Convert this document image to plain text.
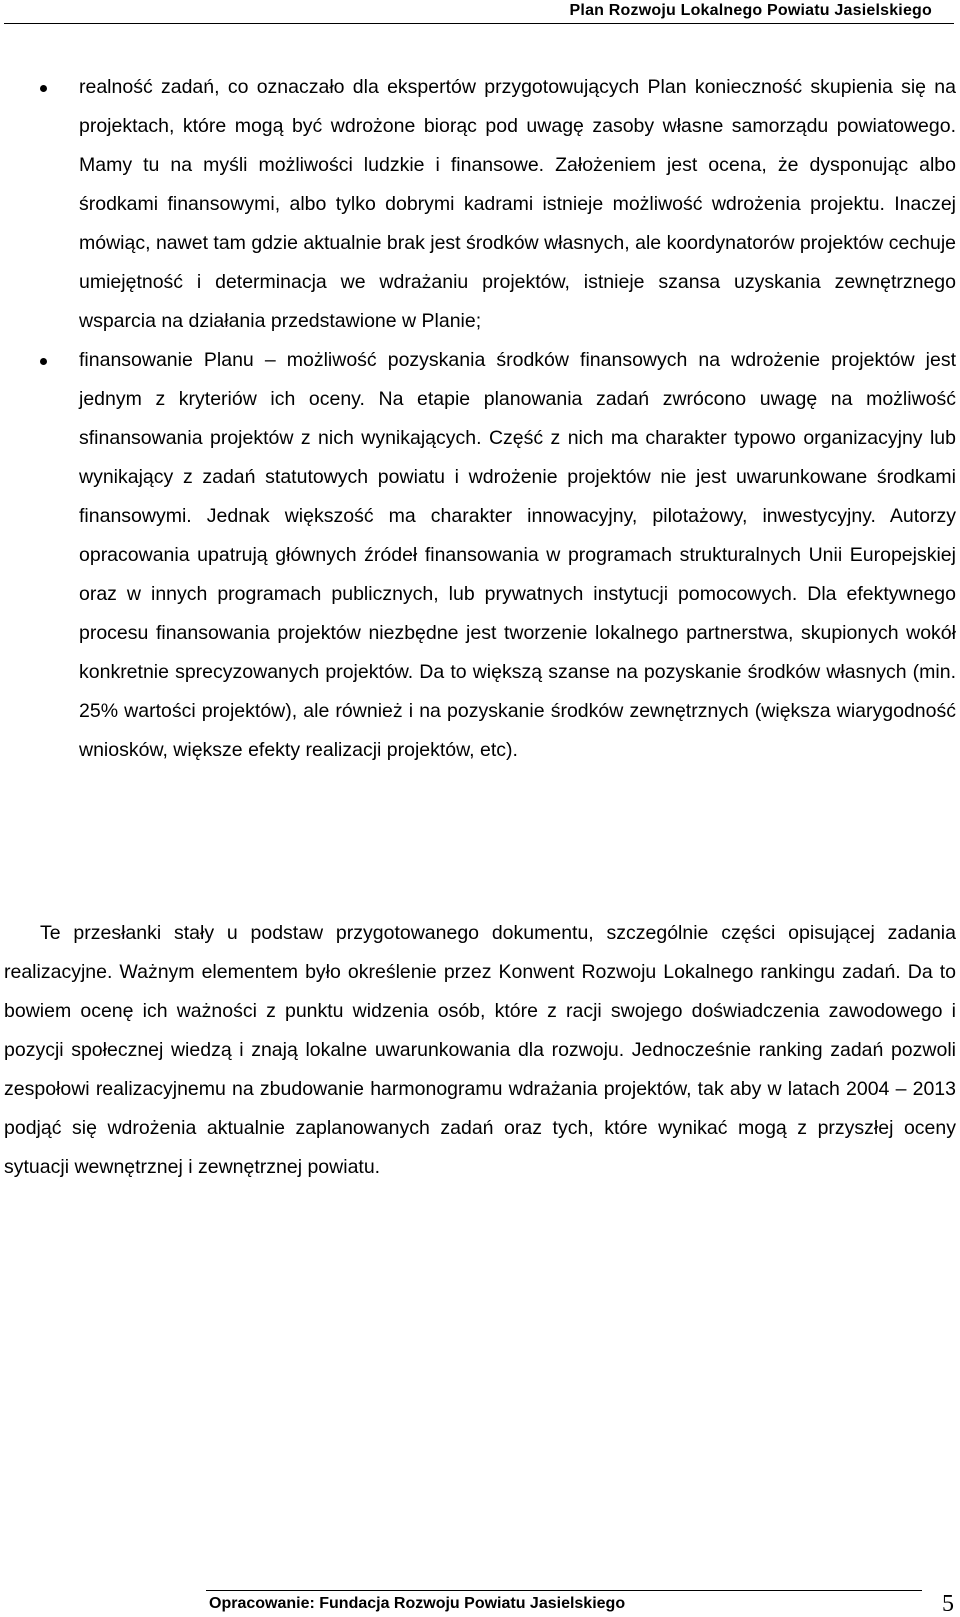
Plan Rozwoju Lokalnego Powiatu Jasielskiego
realność zadań, co oznaczało dla ekspertów przygotowujących Plan konieczność skupienia się na projektach, które mogą być wdrożone biorąc pod uwagę zasoby własne samorządu powiatowego. Mamy tu na myśli możliwości ludzkie i finansowe. Założeniem jest ocena, że dysponując albo środkami finansowymi, albo tylko dobrymi kadrami istnieje możliwość wdrożenia projektu. Inaczej mówiąc, nawet tam gdzie aktualnie brak jest środków własnych, ale koordynatorów projektów cechuje umiejętność i determinacja we wdrażaniu projektów, istnieje szansa uzyskania zewnętrznego wsparcia na działania przedstawione w Planie;
finansowanie Planu – możliwość pozyskania środków finansowych na wdrożenie projektów jest jednym z kryteriów ich oceny. Na etapie planowania zadań zwrócono uwagę na możliwość sfinansowania projektów z nich wynikających. Część z nich ma charakter typowo organizacyjny lub wynikający z zadań statutowych powiatu i wdrożenie projektów nie jest uwarunkowane środkami finansowymi. Jednak większość ma charakter innowacyjny, pilotażowy, inwestycyjny. Autorzy opracowania upatrują głównych źródeł finansowania w programach strukturalnych Unii Europejskiej oraz w innych programach publicznych, lub prywatnych instytucji pomocowych. Dla efektywnego procesu finansowania projektów niezbędne jest tworzenie lokalnego partnerstwa, skupionych wokół konkretnie sprecyzowanych projektów. Da to większą szanse na pozyskanie środków własnych (min. 25% wartości projektów), ale również i na pozyskanie środków zewnętrznych (większa wiarygodność wniosków, większe efekty realizacji projektów, etc).

Te przesłanki stały u podstaw przygotowanego dokumentu, szczególnie części opisującej zadania realizacyjne. Ważnym elementem było określenie przez Konwent Rozwoju Lokalnego rankingu zadań. Da to bowiem ocenę ich ważności z punktu widzenia osób, które z racji swojego doświadczenia zawodowego i pozycji społecznej wiedzą i znają lokalne uwarunkowania dla rozwoju. Jednocześnie ranking zadań pozwoli zespołowi realizacyjnemu na zbudowanie harmonogramu wdrażania projektów, tak aby w latach 2004 – 2013 podjąć się wdrożenia aktualnie zaplanowanych zadań oraz tych, które wynikać mogą z przyszłej oceny sytuacji wewnętrznej i zewnętrznej powiatu.

Opracowanie: Fundacja Rozwoju Powiatu Jasielskiego	5
